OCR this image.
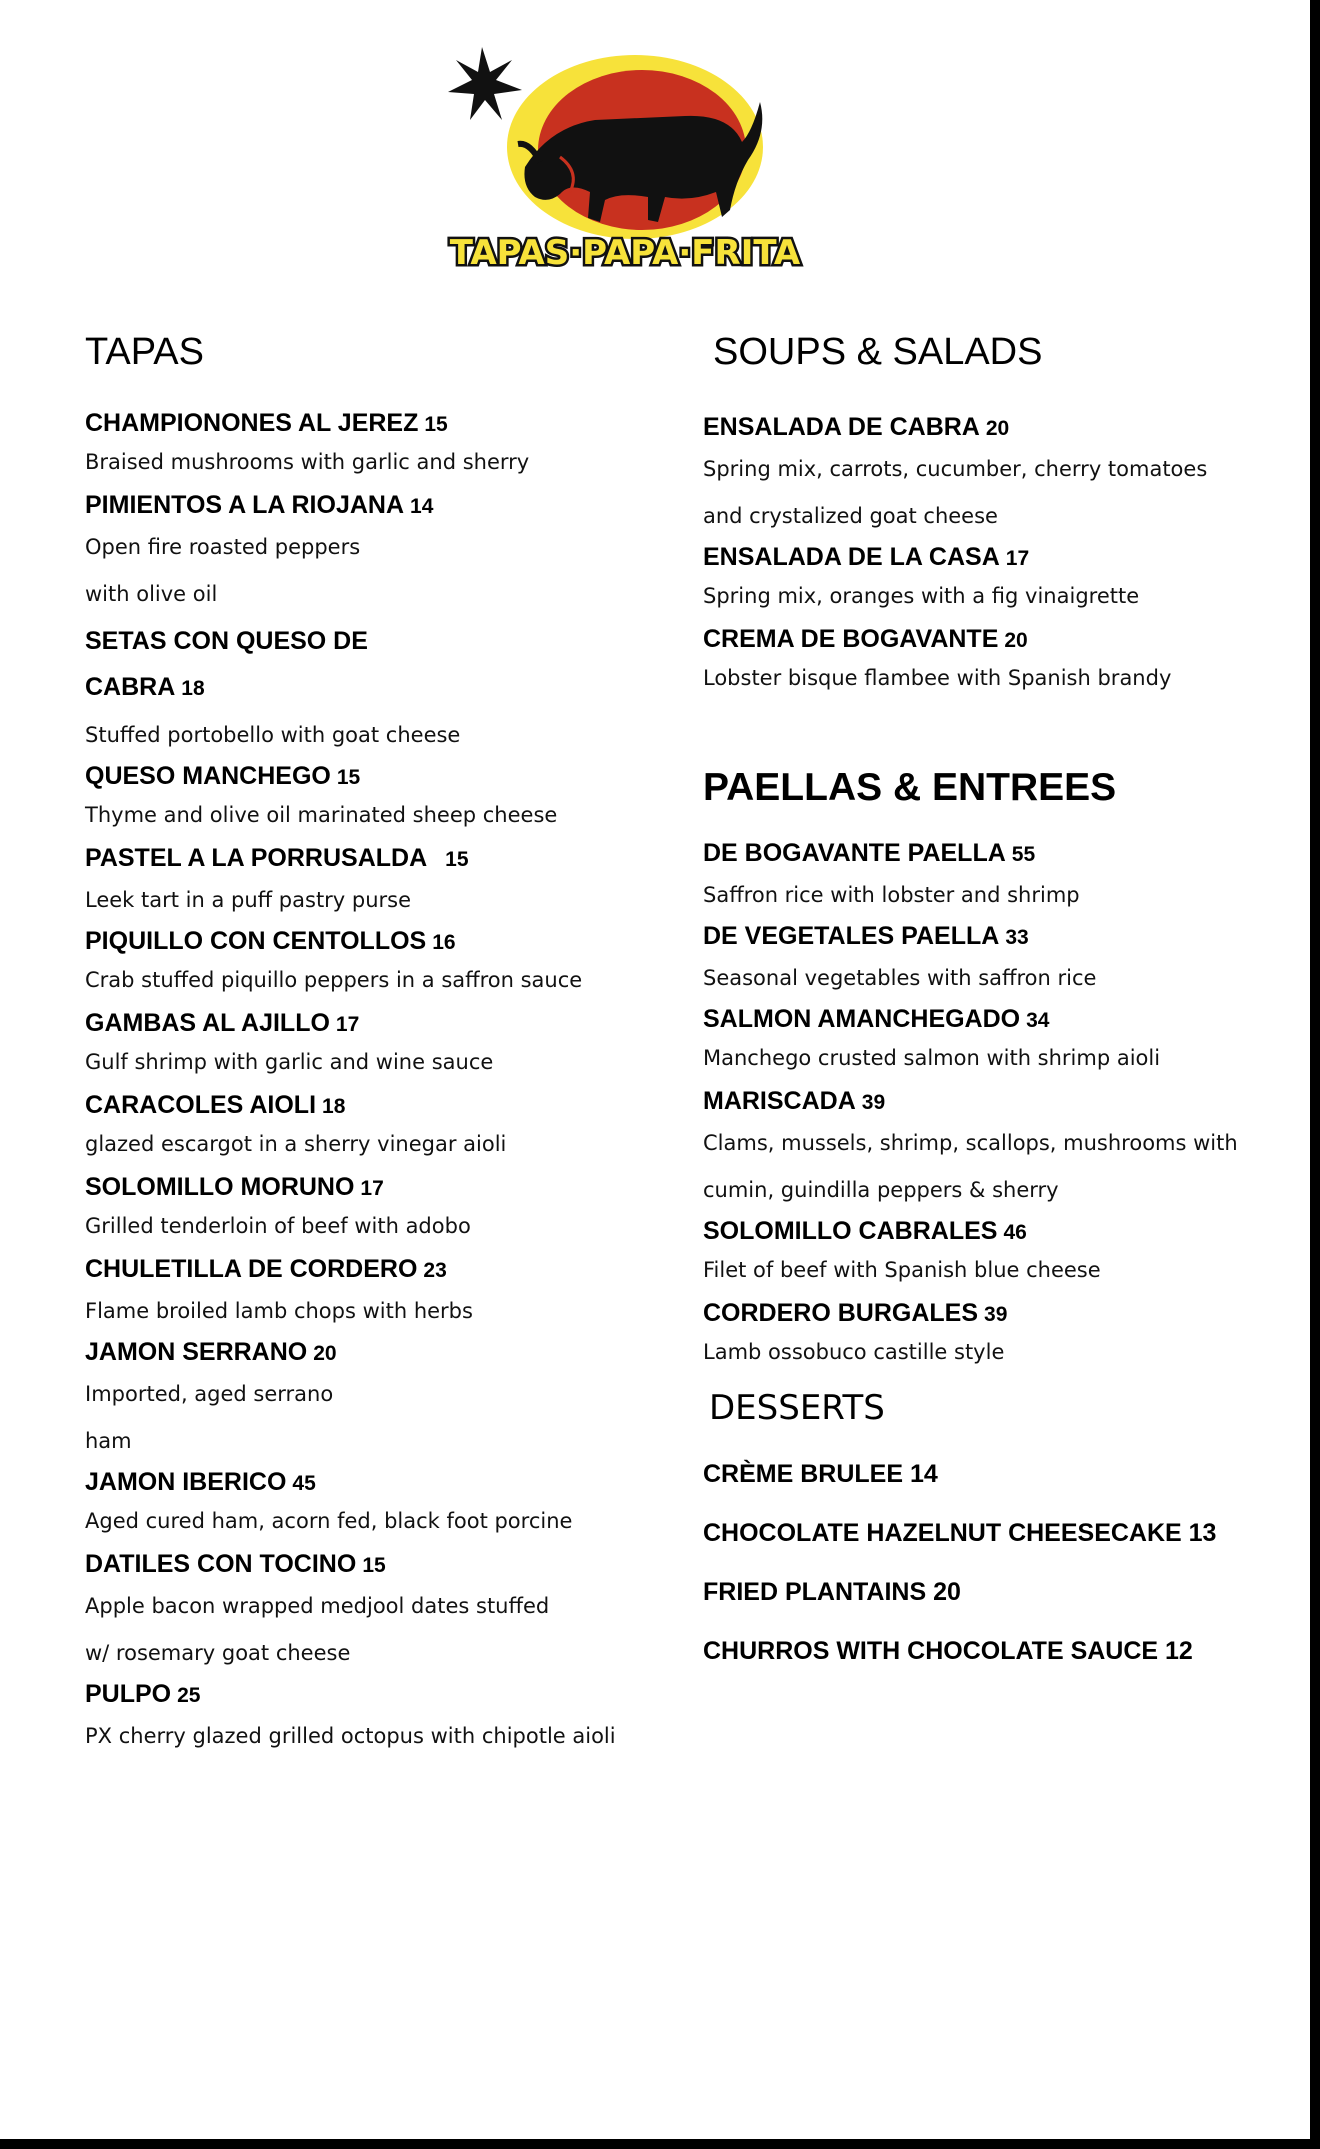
TAPAS·PAPA·FRITA
TAPAS
CHAMPIONONES AL JEREZ 15
Braised mushrooms with garlic and sherry
PIMIENTOS A LA RIOJANA 14
Open fire roasted peppers
with olive oil
SETAS CON QUESO DE CABRA 18
Stuffed portobello with goat cheese
QUESO MANCHEGO 15
Thyme and olive oil marinated sheep cheese
PASTEL A LA PORRUSALDA 15
Leek tart in a puff pastry purse
PIQUILLO CON CENTOLLOS 16
Crab stuffed piquillo peppers in a saffron sauce
GAMBAS AL AJILLO 17
Gulf shrimp with garlic and wine sauce
CARACOLES AIOLI 18
glazed escargot in a sherry vinegar aioli
SOLOMILLO MORUNO 17
Grilled tenderloin of beef with adobo
CHULETILLA DE CORDERO 23
Flame broiled lamb chops with herbs
JAMON SERRANO 20
Imported, aged serrano
ham
JAMON IBERICO 45
Aged cured ham, acorn fed, black foot porcine
DATILES CON TOCINO 15
Apple bacon wrapped medjool dates stuffed
w/ rosemary goat cheese
PULPO 25
PX cherry glazed grilled octopus with chipotle aioli
SOUPS & SALADS
ENSALADA DE CABRA 20
Spring mix, carrots, cucumber, cherry tomatoes
and crystalized goat cheese
ENSALADA DE LA CASA 17
Spring mix, oranges with a fig vinaigrette
CREMA DE BOGAVANTE 20
Lobster bisque flambee with Spanish brandy
PAELLAS & ENTREES
DE BOGAVANTE PAELLA 55
Saffron rice with lobster and shrimp
DE VEGETALES PAELLA 33
Seasonal vegetables with saffron rice
SALMON AMANCHEGADO 34
Manchego crusted salmon with shrimp aioli
MARISCADA 39
Clams, mussels, shrimp, scallops, mushrooms with
cumin, guindilla peppers & sherry
SOLOMILLO CABRALES 46
Filet of beef with Spanish blue cheese
CORDERO BURGALES 39
Lamb ossobuco castille style
DESSERTS
CRÈME BRULEE 14
CHOCOLATE HAZELNUT CHEESECAKE 13
FRIED PLANTAINS 20
CHURROS WITH CHOCOLATE SAUCE 12
